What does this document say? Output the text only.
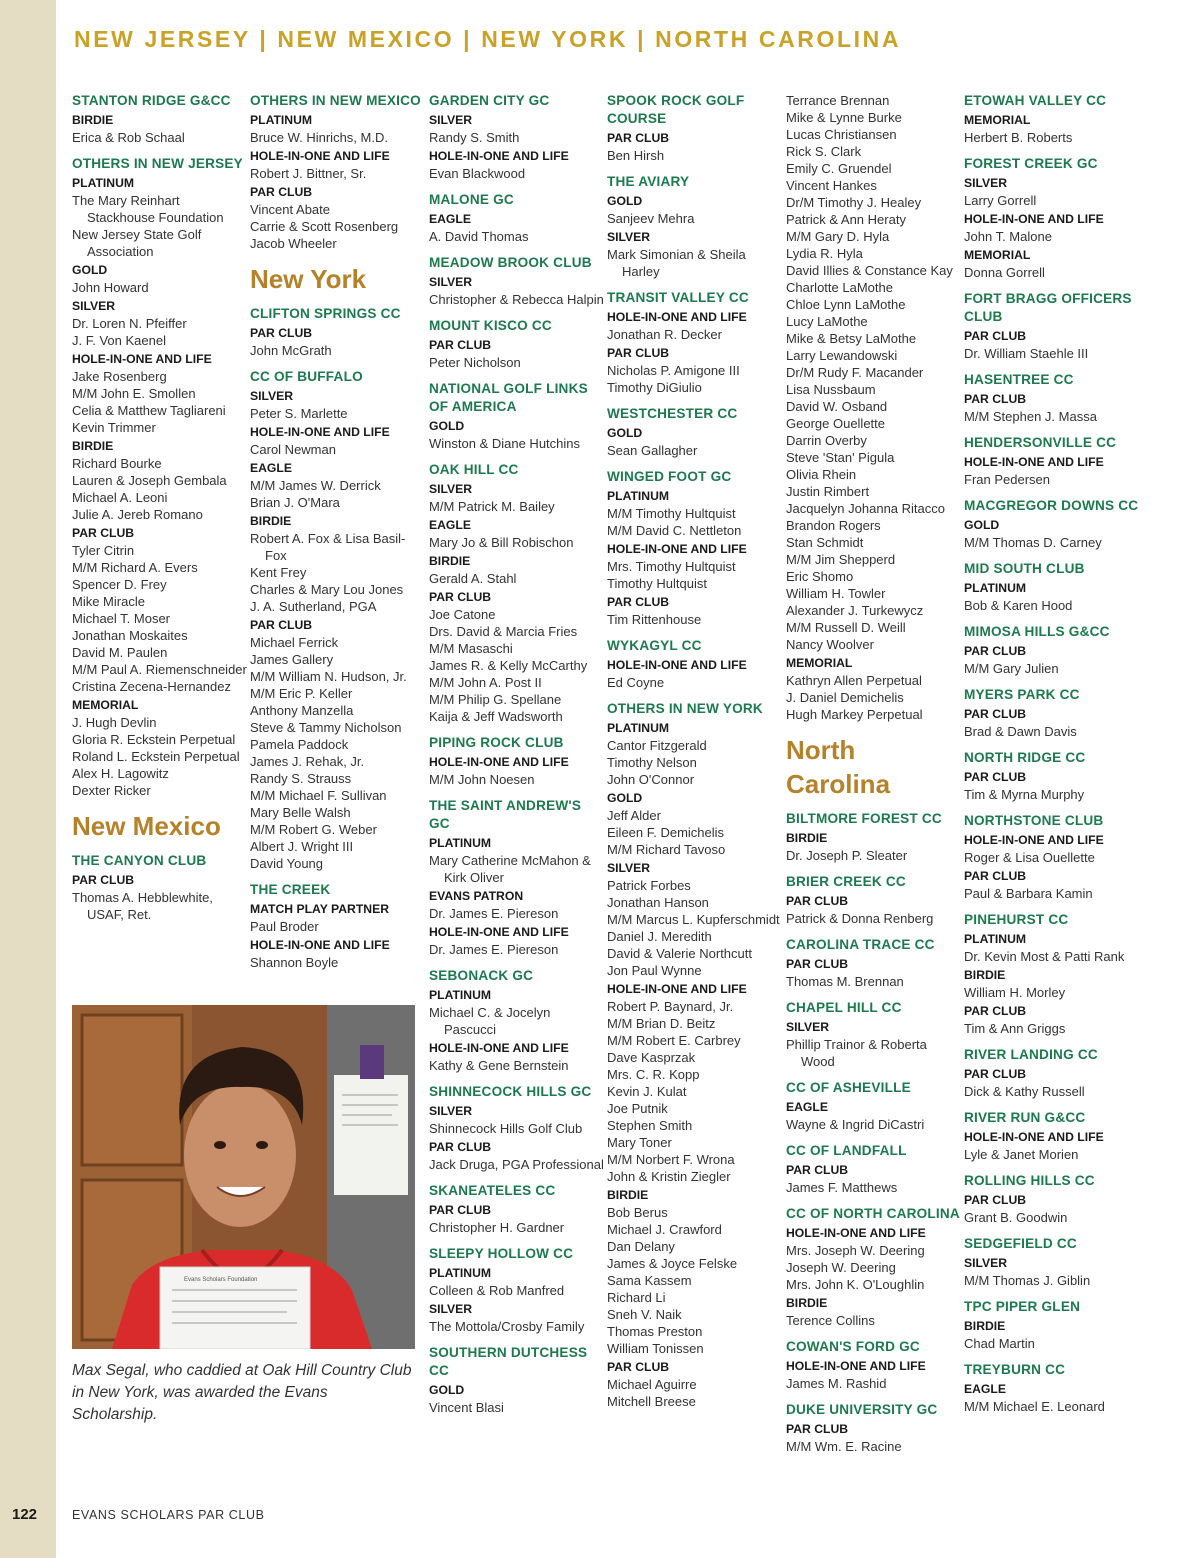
NEW JERSEY | NEW MEXICO | NEW YORK | NORTH CAROLINA
STANTON RIDGE G&CC
BIRDIE
Erica & Rob Schaal
OTHERS IN NEW JERSEY
PLATINUM
The Mary Reinhart Stackhouse Foundation
New Jersey State Golf Association
GOLD
John Howard
SILVER
Dr. Loren N. Pfeiffer
J. F. Von Kaenel
HOLE-IN-ONE AND LIFE
Jake Rosenberg
M/M John E. Smollen
Celia & Matthew Tagliareni
Kevin Trimmer
BIRDIE
Richard Bourke
Lauren & Joseph Gembala
Michael A. Leoni
Julie A. Jereb Romano
PAR CLUB
Tyler Citrin
M/M Richard A. Evers
Spencer D. Frey
Mike Miracle
Michael T. Moser
Jonathan Moskaites
David M. Paulen
M/M Paul A. Riemenschneider
Cristina Zecena-Hernandez
MEMORIAL
J. Hugh Devlin
Gloria R. Eckstein Perpetual
Roland L. Eckstein Perpetual
Alex H. Lagowitz
Dexter Ricker
New Mexico
THE CANYON CLUB
PAR CLUB
Thomas A. Hebblewhite, USAF, Ret.
OTHERS IN NEW MEXICO
PLATINUM
Bruce W. Hinrichs, M.D.
HOLE-IN-ONE AND LIFE
Robert J. Bittner, Sr.
PAR CLUB
Vincent Abate
Carrie & Scott Rosenberg
Jacob Wheeler
New York
CLIFTON SPRINGS CC
PAR CLUB
John McGrath
CC OF BUFFALO
SILVER
Peter S. Marlette
HOLE-IN-ONE AND LIFE
Carol Newman
EAGLE
M/M James W. Derrick
Brian J. O'Mara
BIRDIE
Robert A. Fox & Lisa Basil-Fox
Kent Frey
Charles & Mary Lou Jones
J. A. Sutherland, PGA
PAR CLUB
Michael Ferrick
James Gallery
M/M William N. Hudson, Jr.
M/M Eric P. Keller
Anthony Manzella
Steve & Tammy Nicholson
Pamela Paddock
James J. Rehak, Jr.
Randy S. Strauss
M/M Michael F. Sullivan
Mary Belle Walsh
M/M Robert G. Weber
Albert J. Wright III
David Young
THE CREEK
MATCH PLAY PARTNER
Paul Broder
HOLE-IN-ONE AND LIFE
Shannon Boyle
GARDEN CITY GC
SILVER
Randy S. Smith
HOLE-IN-ONE AND LIFE
Evan Blackwood
MALONE GC
EAGLE
A. David Thomas
MEADOW BROOK CLUB
SILVER
Christopher & Rebecca Halpin
MOUNT KISCO CC
PAR CLUB
Peter Nicholson
NATIONAL GOLF LINKS OF AMERICA
GOLD
Winston & Diane Hutchins
OAK HILL CC
SILVER
M/M Patrick M. Bailey
EAGLE
Mary Jo & Bill Robischon
BIRDIE
Gerald A. Stahl
PAR CLUB
Joe Catone
Drs. David & Marcia Fries
M/M Masaschi
James R. & Kelly McCarthy
M/M John A. Post II
M/M Philip G. Spellane
Kaija & Jeff Wadsworth
PIPING ROCK CLUB
HOLE-IN-ONE AND LIFE
M/M John Noesen
THE SAINT ANDREW'S GC
PLATINUM
Mary Catherine McMahon & Kirk Oliver
EVANS PATRON
Dr. James E. Piereson
HOLE-IN-ONE AND LIFE
Dr. James E. Piereson
SEBONACK GC
PLATINUM
Michael C. & Jocelyn Pascucci
HOLE-IN-ONE AND LIFE
Kathy & Gene Bernstein
SHINNECOCK HILLS GC
SILVER
Shinnecock Hills Golf Club
PAR CLUB
Jack Druga, PGA Professional
SKANEATELES CC
PAR CLUB
Christopher H. Gardner
SLEEPY HOLLOW CC
PLATINUM
Colleen & Rob Manfred
SILVER
The Mottola/Crosby Family
SOUTHERN DUTCHESS CC
GOLD
Vincent Blasi
SPOOK ROCK GOLF COURSE
PAR CLUB
Ben Hirsh
THE AVIARY
GOLD
Sanjeev Mehra
SILVER
Mark Simonian & Sheila Harley
TRANSIT VALLEY CC
HOLE-IN-ONE AND LIFE
Jonathan R. Decker
PAR CLUB
Nicholas P. Amigone III
Timothy DiGiulio
WESTCHESTER CC
GOLD
Sean Gallagher
WINGED FOOT GC
PLATINUM
M/M Timothy Hultquist
M/M David C. Nettleton
HOLE-IN-ONE AND LIFE
Mrs. Timothy Hultquist
Timothy Hultquist
PAR CLUB
Tim Rittenhouse
WYKAGYL CC
HOLE-IN-ONE AND LIFE
Ed Coyne
OTHERS IN NEW YORK
PLATINUM
Cantor Fitzgerald
Timothy Nelson
John O'Connor
GOLD
Jeff Alder
Eileen F. Demichelis
M/M Richard Tavoso
SILVER
Patrick Forbes
Jonathan Hanson
M/M Marcus L. Kupferschmidt
Daniel J. Meredith
David & Valerie Northcutt
Jon Paul Wynne
HOLE-IN-ONE AND LIFE
Robert P. Baynard, Jr.
M/M Brian D. Beitz
M/M Robert E. Carbrey
Dave Kasprzak
Mrs. C. R. Kopp
Kevin J. Kulat
Joe Putnik
Stephen Smith
Mary Toner
M/M Norbert F. Wrona
John & Kristin Ziegler
BIRDIE
Bob Berus
Michael J. Crawford
Dan Delany
James & Joyce Felske
Sama Kassem
Richard Li
Sneh V. Naik
Thomas Preston
William Tonissen
PAR CLUB
Michael Aguirre
Mitchell Breese
Terrance Brennan
Mike & Lynne Burke
Lucas Christiansen
Rick S. Clark
Emily C. Gruendel
Vincent Hankes
Dr/M Timothy J. Healey
Patrick & Ann Heraty
M/M Gary D. Hyla
Lydia R. Hyla
David Illies & Constance Kay
Charlotte LaMothe
Chloe Lynn LaMothe
Lucy LaMothe
Mike & Betsy LaMothe
Larry Lewandowski
Dr/M Rudy F. Macander
Lisa Nussbaum
David W. Osband
George Ouellette
Darrin Overby
Steve 'Stan' Pigula
Olivia Rhein
Justin Rimbert
Jacquelyn Johanna Ritacco
Brandon Rogers
Stan Schmidt
M/M Jim Shepperd
Eric Shomo
William H. Towler
Alexander J. Turkewycz
M/M Russell D. Weill
Nancy Woolver
MEMORIAL
Kathryn Allen Perpetual
J. Daniel Demichelis
Hugh Markey Perpetual
North Carolina
BILTMORE FOREST CC
BIRDIE
Dr. Joseph P. Sleater
BRIER CREEK CC
PAR CLUB
Patrick & Donna Renberg
CAROLINA TRACE CC
PAR CLUB
Thomas M. Brennan
CHAPEL HILL CC
SILVER
Phillip Trainor & Roberta Wood
CC OF ASHEVILLE
EAGLE
Wayne & Ingrid DiCastri
CC OF LANDFALL
PAR CLUB
James F. Matthews
CC OF NORTH CAROLINA
HOLE-IN-ONE AND LIFE
Mrs. Joseph W. Deering
Joseph W. Deering
Mrs. John K. O'Loughlin
BIRDIE
Terence Collins
COWAN'S FORD GC
HOLE-IN-ONE AND LIFE
James M. Rashid
DUKE UNIVERSITY GC
PAR CLUB
M/M Wm. E. Racine
ETOWAH VALLEY CC
MEMORIAL
Herbert B. Roberts
FOREST CREEK GC
SILVER
Larry Gorrell
HOLE-IN-ONE AND LIFE
John T. Malone
MEMORIAL
Donna Gorrell
FORT BRAGG OFFICERS CLUB
PAR CLUB
Dr. William Staehle III
HASENTREE CC
PAR CLUB
M/M Stephen J. Massa
HENDERSONVILLE CC
HOLE-IN-ONE AND LIFE
Fran Pedersen
MACGREGOR DOWNS CC
GOLD
M/M Thomas D. Carney
MID SOUTH CLUB
PLATINUM
Bob & Karen Hood
MIMOSA HILLS G&CC
PAR CLUB
M/M Gary Julien
MYERS PARK CC
PAR CLUB
Brad & Dawn Davis
NORTH RIDGE CC
PAR CLUB
Tim & Myrna Murphy
NORTHSTONE CLUB
HOLE-IN-ONE AND LIFE
Roger & Lisa Ouellette
PAR CLUB
Paul & Barbara Kamin
PINEHURST CC
PLATINUM
Dr. Kevin Most & Patti Rank
BIRDIE
William H. Morley
PAR CLUB
Tim & Ann Griggs
RIVER LANDING CC
PAR CLUB
Dick & Kathy Russell
RIVER RUN G&CC
HOLE-IN-ONE AND LIFE
Lyle & Janet Morien
ROLLING HILLS CC
PAR CLUB
Grant B. Goodwin
SEDGEFIELD CC
SILVER
M/M Thomas J. Giblin
TPC PIPER GLEN
BIRDIE
Chad Martin
TREYBURN CC
EAGLE
M/M Michael E. Leonard
Evans Scholars Foundation
Max Segal, who caddied at Oak Hill Country Club in New York, was awarded the Evans Scholarship.
122	EVANS SCHOLARS PAR CLUB
